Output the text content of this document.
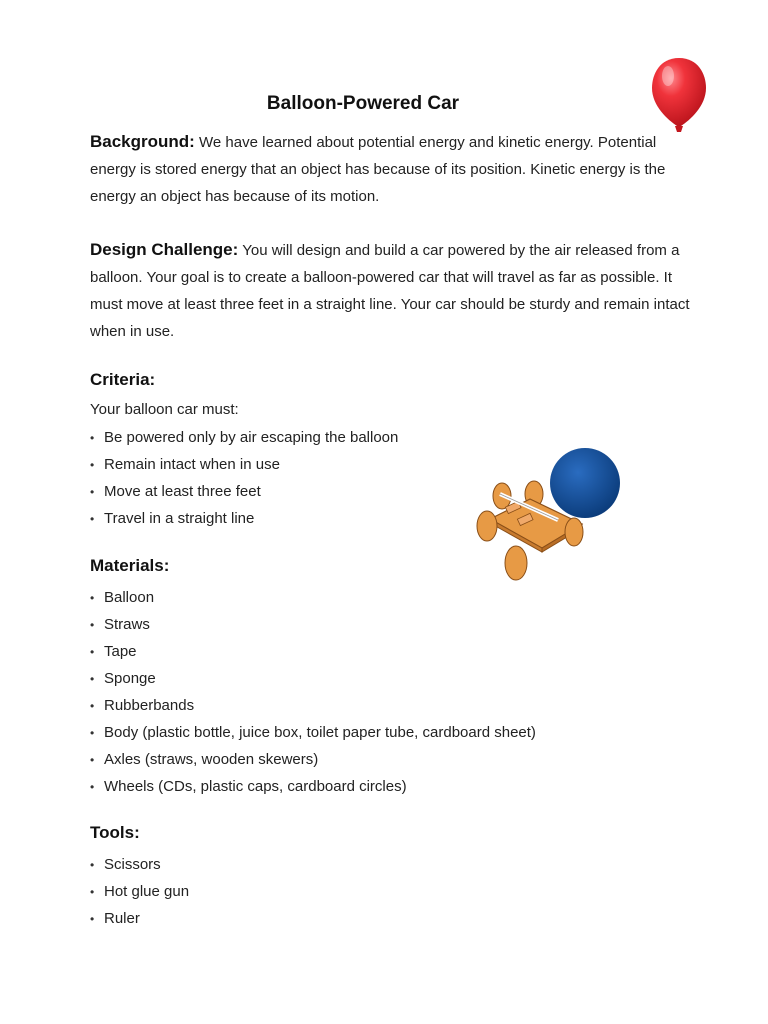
Balloon-Powered Car
Background: We have learned about potential energy and kinetic energy. Potential energy is stored energy that an object has because of its position. Kinetic energy is the energy an object has because of its motion.
Design Challenge: You will design and build a car powered by the air released from a balloon. Your goal is to create a balloon-powered car that will travel as far as possible. It must move at least three feet in a straight line. Your car should be sturdy and remain intact when in use.
Criteria:
Your balloon car must:
• Be powered only by air escaping the balloon
• Remain intact when in use
• Move at least three feet
• Travel in a straight line
Materials:
• Balloon
• Straws
• Tape
• Sponge
• Rubberbands
• Body (plastic bottle, juice box, toilet paper tube, cardboard sheet)
• Axles (straws, wooden skewers)
• Wheels (CDs, plastic caps, cardboard circles)
Tools:
• Scissors
• Hot glue gun
• Ruler
